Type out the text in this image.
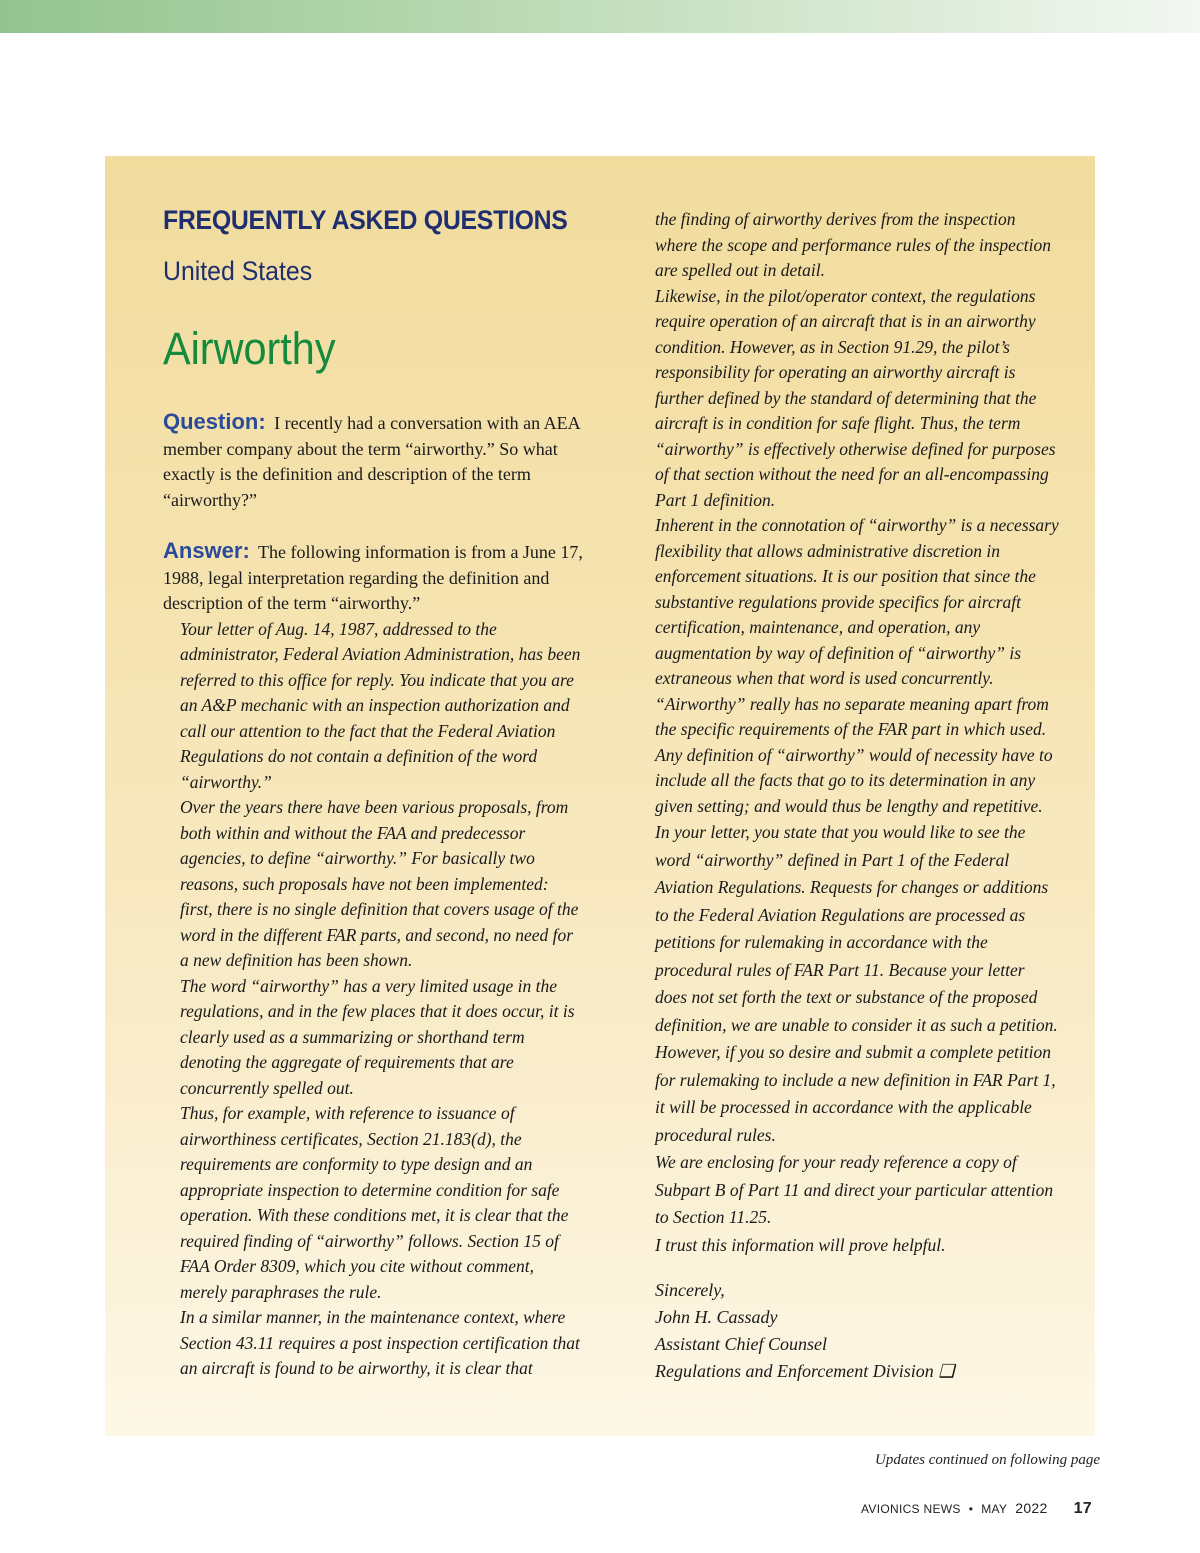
FREQUENTLY ASKED QUESTIONS
United States
Airworthy
Question: I recently had a conversation with an AEA member company about the term “airworthy.” So what exactly is the definition and description of the term “airworthy?”
Answer: The following information is from a June 17, 1988, legal interpretation regarding the definition and description of the term “airworthy.”

Your letter of Aug. 14, 1987, addressed to the administrator, Federal Aviation Administration, has been referred to this office for reply. You indicate that you are an A&P mechanic with an inspection authorization and call our attention to the fact that the Federal Aviation Regulations do not contain a definition of the word “airworthy.”

Over the years there have been various proposals, from both within and without the FAA and predecessor agencies, to define “airworthy.” For basically two reasons, such proposals have not been implemented: first, there is no single definition that covers usage of the word in the different FAR parts, and second, no need for a new definition has been shown.

The word “airworthy” has a very limited usage in the regulations, and in the few places that it does occur, it is clearly used as a summarizing or shorthand term denoting the aggregate of requirements that are concurrently spelled out.

Thus, for example, with reference to issuance of airworthiness certificates, Section 21.183(d), the requirements are conformity to type design and an appropriate inspection to determine condition for safe operation. With these conditions met, it is clear that the required finding of “airworthy” follows. Section 15 of FAA Order 8309, which you cite without comment, merely paraphrases the rule.

In a similar manner, in the maintenance context, where Section 43.11 requires a post inspection certification that an aircraft is found to be airworthy, it is clear that

the finding of airworthy derives from the inspection where the scope and performance rules of the inspection are spelled out in detail.

Likewise, in the pilot/operator context, the regulations require operation of an aircraft that is in an airworthy condition. However, as in Section 91.29, the pilot’s responsibility for operating an airworthy aircraft is further defined by the standard of determining that the aircraft is in condition for safe flight. Thus, the term “airworthy” is effectively otherwise defined for purposes of that section without the need for an all-encompassing Part 1 definition.

Inherent in the connotation of “airworthy” is a necessary flexibility that allows administrative discretion in enforcement situations. It is our position that since the substantive regulations provide specifics for aircraft certification, maintenance, and operation, any augmentation by way of definition of “airworthy” is extraneous when that word is used concurrently. “Airworthy” really has no separate meaning apart from the specific requirements of the FAR part in which used. Any definition of “airworthy” would of necessity have to include all the facts that go to its determination in any given setting; and would thus be lengthy and repetitive.

In your letter, you state that you would like to see the word “airworthy” defined in Part 1 of the Federal Aviation Regulations. Requests for changes or additions to the Federal Aviation Regulations are processed as petitions for rulemaking in accordance with the procedural rules of FAR Part 11. Because your letter does not set forth the text or substance of the proposed definition, we are unable to consider it as such a petition. However, if you so desire and submit a complete petition for rulemaking to include a new definition in FAR Part 1, it will be processed in accordance with the applicable procedural rules.

We are enclosing for your ready reference a copy of Subpart B of Part 11 and direct your particular attention to Section 11.25.

I trust this information will prove helpful.

Sincerely,
John H. Cassady
Assistant Chief Counsel
Regulations and Enforcement Division ❑
Updates continued on following page
AVIONICS NEWS • MAY 2022 17
